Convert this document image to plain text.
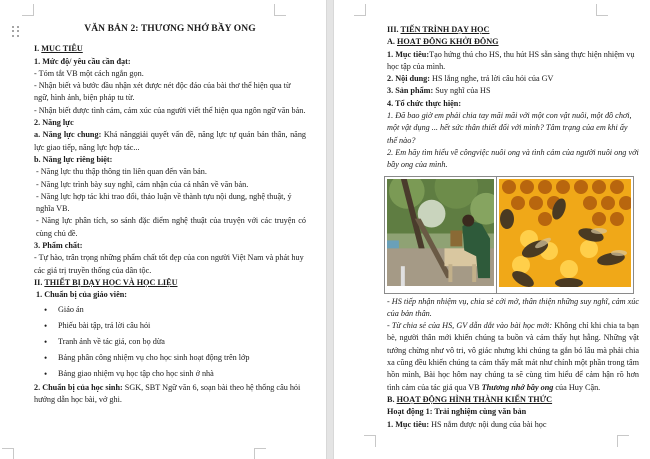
VĂN BẢN 2: THƯƠNG NHỚ BẦY ONG
I. MỤC TIÊU
1. Mức độ/ yêu cầu cần đạt:
- Tóm tắt VB một cách ngắn gọn.
- Nhận biết và bước đầu nhận xét được nét độc đáo của bài thơ thể hiện qua từ ngữ, hình ảnh, biện pháp tu từ.
- Nhận biết được tình cảm, cảm xúc của người viết thể hiện qua ngôn ngữ văn bản.
2. Năng lực
a. Năng lực chung: Khả nănggiải quyết vấn đề, năng lực tự quản bản thân, năng lực giao tiếp, năng lực hợp tác...
b. Năng lực riêng biệt:
- Năng lực thu thập thông tin liên quan đến văn bản.
- Năng lực trình bày suy nghĩ, cảm nhận của cá nhân về văn bản.
- Năng lực hợp tác khi trao đổi, thảo luận về thành tựu nội dung, nghệ thuật, ý nghĩa VB.
- Năng lực phân tích, so sánh đặc điểm nghệ thuật của truyện với các truyện có cùng chủ đề.
3. Phẩm chất:
- Tự hào, trân trọng những phẩm chất tốt đẹp của con người Việt Nam và phát huy các giá trị truyền thống của dân tộc.
II. THIẾT BỊ DẠY HỌC VÀ HỌC LIỆU
1. Chuẩn bị của giáo viên:
• Giáo án
• Phiếu bài tập, trả lời câu hỏi
• Tranh ảnh về tác giả, con bọ dừa
• Bảng phân công nhiệm vụ cho học sinh hoạt động trên lớp
• Bảng giao nhiệm vụ học tập cho học sinh ở nhà
2. Chuẩn bị của học sinh: SGK, SBT Ngữ văn 6, soạn bài theo hệ thống câu hỏi hướng dẫn học bài, vở ghi.
III. TIẾN TRÌNH DẠY HỌC
A. HOẠT ĐỘNG KHỞI ĐỘNG
1. Mục tiêu:Tạo hứng thú cho HS, thu hút HS sẵn sàng thực hiện nhiệm vụ học tập của mình.
2. Nội dung: HS lắng nghe, trả lời câu hỏi của GV
3. Sản phẩm: Suy nghĩ của HS
4. Tổ chức thực hiện:
1. Đã bao giờ em phải chia tay mãi mãi với một con vật nuôi, một đồ chơi, một vật dụng ... hết sức thân thiết đối với mình? Tâm trạng của em khi ấy thế nào?
2. Em hãy tìm hiểu về côngviệc nuôi ong và tình cảm của người nuôi ong với bầy ong của mình.
- HS tiếp nhận nhiệm vụ, chia sẻ cởi mở, thân thiện những suy nghĩ, cảm xúc của bản thân.
- Từ chia sẻ của HS, GV dẫn dắt vào bài học mới: Không chỉ khi chia ta bạn bè, người thân mới khiến chúng ta buồn và cảm thấy hụt hẫng. Những vật tưởng chừng như vô tri, vô giác nhưng khi chúng ta gắn bó lâu mà phải chia xa cũng đều khiến chúng ta cảm thấy mất mát như chính một phần trong tâm hồn mình, Bài học hôm nay chúng ta sẽ cùng tìm hiểu để cảm hận rõ hơn tình cảm của tác giả qua VB Thương nhớ bầy ong của Huy Cận.
B. HOẠT ĐỘNG HÌNH THÀNH KIẾN THỨC
Hoạt động 1: Trải nghiệm cùng văn bản
1. Mục tiêu: HS nắm được nội dung của bài học
